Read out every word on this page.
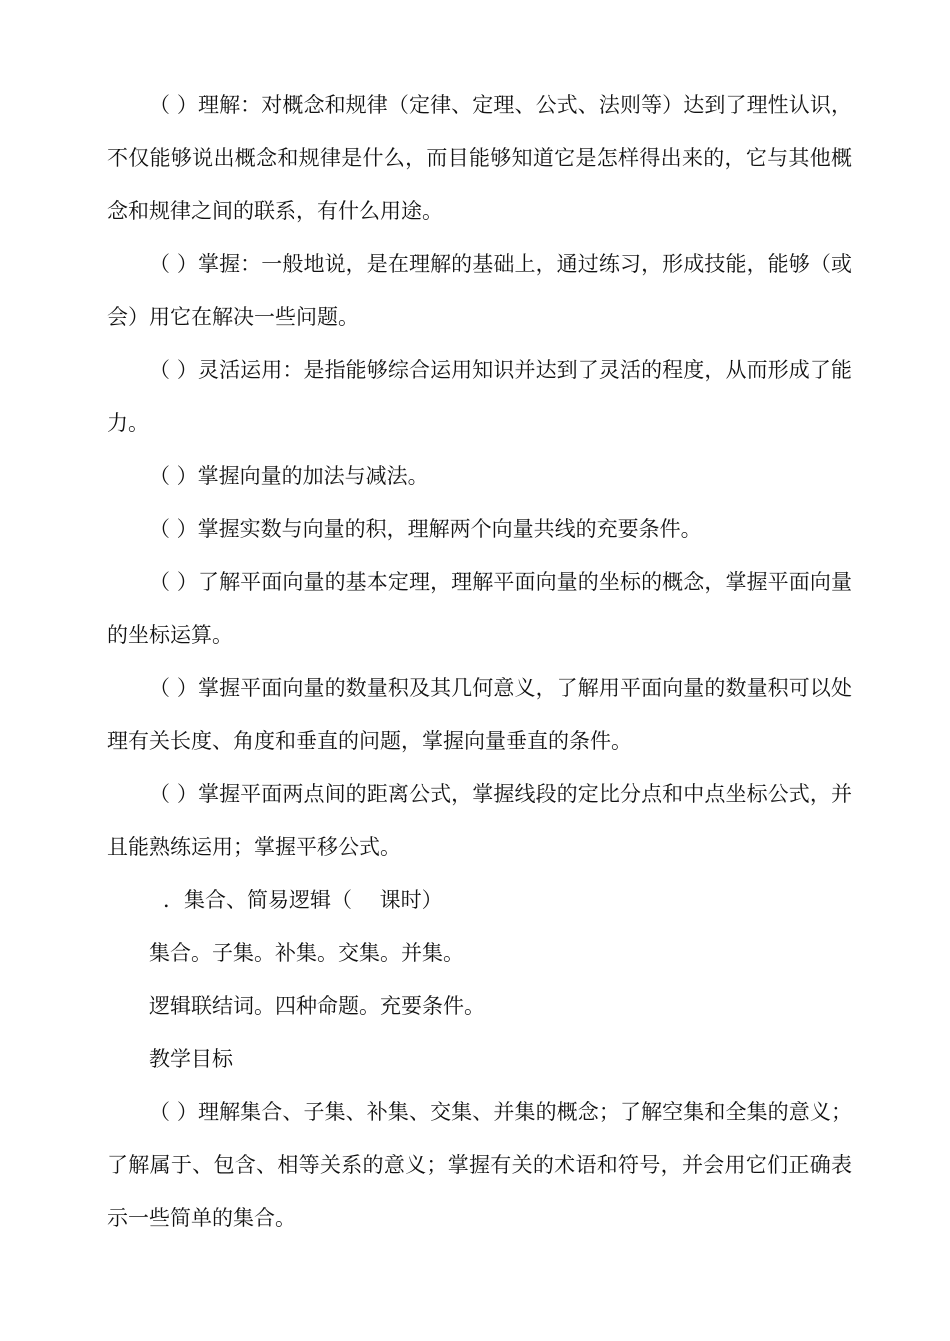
（ ）理解：对概念和规律（定律、定理、公式、法则等）达到了理性认识，不仅能够说出概念和规律是什么，而目能够知道它是怎样得出来的，它与其他概念和规律之间的联系，有什么用途。

（ ）掌握：一般地说，是在理解的基础上，通过练习，形成技能，能够（或会）用它在解决一些问题。

（ ）灵活运用：是指能够综合运用知识并达到了灵活的程度，从而形成了能力。

（ ）掌握向量的加法与减法。

（ ）掌握实数与向量的积，理解两个向量共线的充要条件。

（ ）了解平面向量的基本定理，理解平面向量的坐标的概念，掌握平面向量的坐标运算。

（ ）掌握平面向量的数量积及其几何意义，了解用平面向量的数量积可以处理有关长度、角度和垂直的问题，掌握向量垂直的条件。

（ ）掌握平面两点间的距离公式，掌握线段的定比分点和中点坐标公式，并且能熟练运用；掌握平移公式。

．集合、简易逻辑（　 课时）

集合。子集。补集。交集。并集。

逻辑联结词。四种命题。充要条件。

教学目标

（ ）理解集合、子集、补集、交集、并集的概念；了解空集和全集的意义；了解属于、包含、相等关系的意义；掌握有关的术语和符号，并会用它们正确表示一些简单的集合。
